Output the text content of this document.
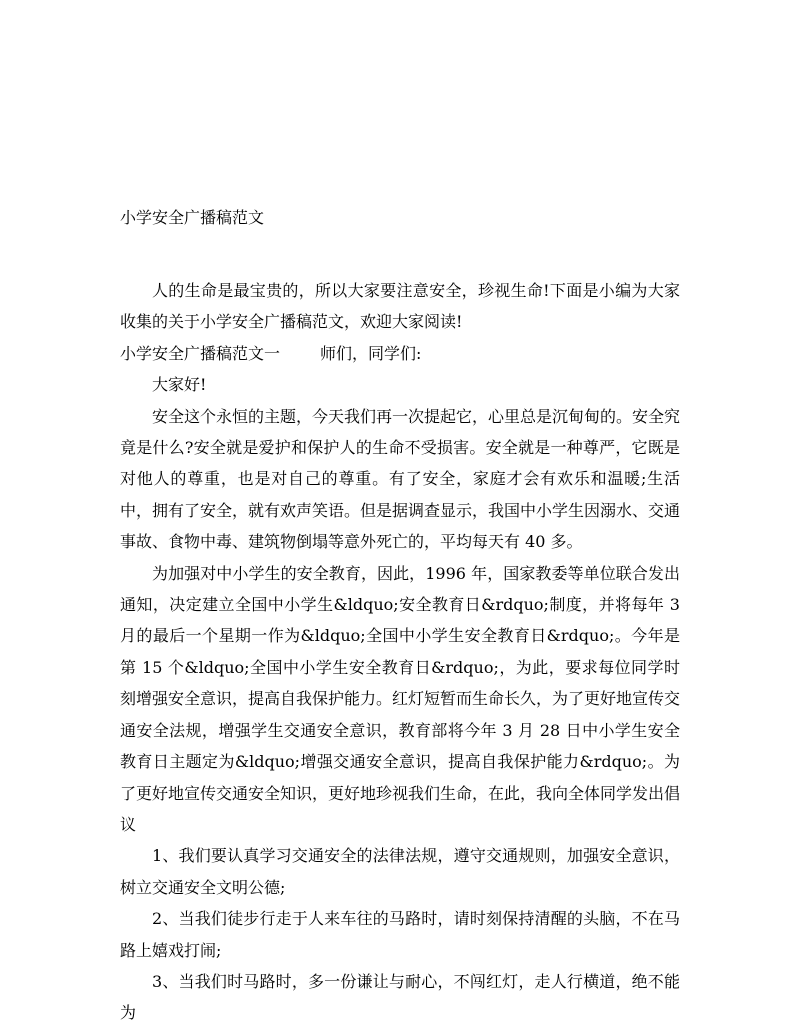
小学安全广播稿范文

人的生命是最宝贵的，所以大家要注意安全，珍视生命!下面是小编为大家收集的关于小学安全广播稿范文，欢迎大家阅读!

小学安全广播稿范文一	师们，同学们:

大家好!

安全这个永恒的主题，今天我们再一次提起它，心里总是沉甸甸的。安全究竟是什么?安全就是爱护和保护人的生命不受损害。安全就是一种尊严，它既是对他人的尊重，也是对自己的尊重。有了安全，家庭才会有欢乐和温暖;生活中，拥有了安全，就有欢声笑语。但是据调查显示，我国中小学生因溺水、交通事故、食物中毒、建筑物倒塌等意外死亡的，平均每天有 40 多。

为加强对中小学生的安全教育，因此，1996 年，国家教委等单位联合发出通知，决定建立全国中小学生&ldquo;安全教育日&rdquo;制度，并将每年 3 月的最后一个星期一作为&ldquo;全国中小学生安全教育日&rdquo;。今年是第 15 个&ldquo;全国中小学生安全教育日&rdquo;，为此，要求每位同学时刻增强安全意识，提高自我保护能力。红灯短暂而生命长久，为了更好地宣传交通安全法规，增强学生交通安全意识，教育部将今年 3 月 28 日中小学生安全教育日主题定为&ldquo;增强交通安全意识，提高自我保护能力&rdquo;。为了更好地宣传交通安全知识，更好地珍视我们生命，在此，我向全体同学发出倡议

1、我们要认真学习交通安全的法律法规，遵守交通规则，加强安全意识，树立交通安全文明公德;

2、当我们徒步行走于人来车往的马路时，请时刻保持清醒的头脑，不在马路上嬉戏打闹;

3、当我们时马路时，多一份谦让与耐心，不闯红灯，走人行横道，绝不能为
